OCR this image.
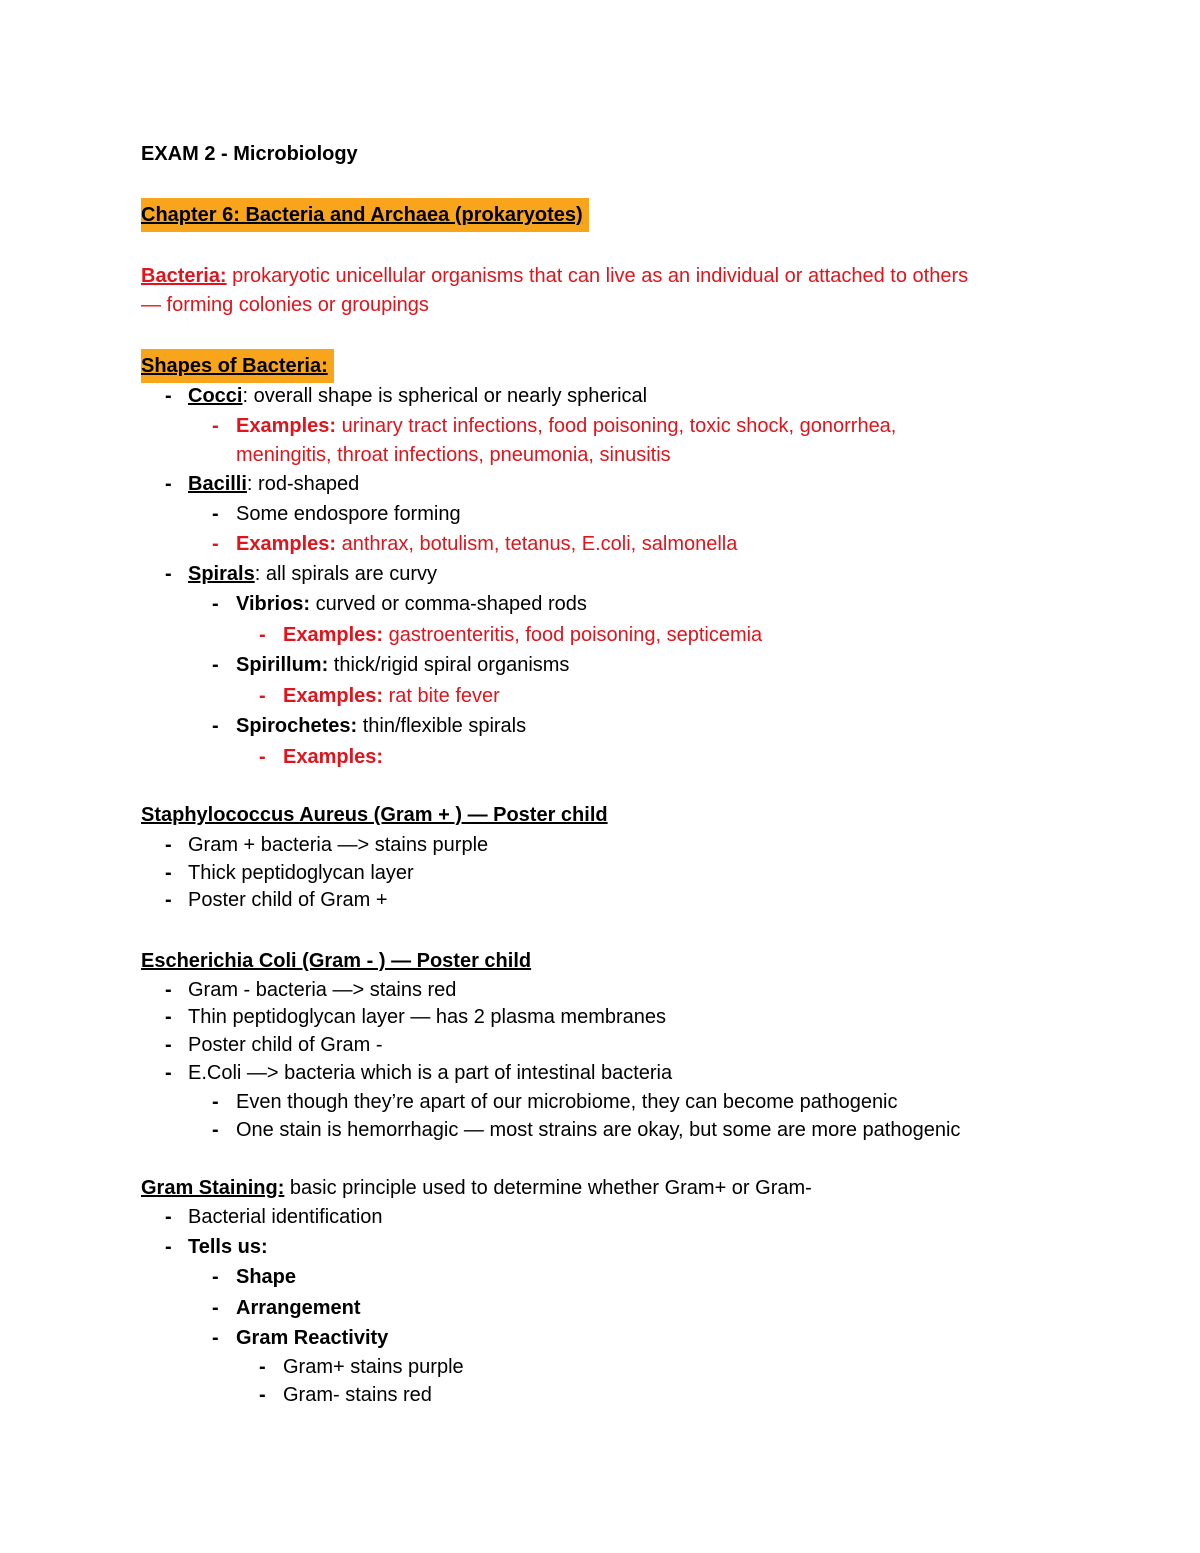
EXAM 2 - Microbiology
Chapter 6: Bacteria and Archaea (prokaryotes)
Bacteria: prokaryotic unicellular organisms that can live as an individual or attached to others
— forming colonies or groupings
Shapes of Bacteria:
- Cocci: overall shape is spherical or nearly spherical
- Examples: urinary tract infections, food poisoning, toxic shock, gonorrhea,
meningitis, throat infections, pneumonia, sinusitis
- Bacilli: rod-shaped
- Some endospore forming
- Examples: anthrax, botulism, tetanus, E.coli, salmonella
- Spirals: all spirals are curvy
- Vibrios: curved or comma-shaped rods
- Examples: gastroenteritis, food poisoning, septicemia
- Spirillum: thick/rigid spiral organisms
- Examples: rat bite fever
- Spirochetes: thin/flexible spirals
- Examples:
Staphylococcus Aureus (Gram + ) — Poster child
- Gram + bacteria —> stains purple
- Thick peptidoglycan layer
- Poster child of Gram +
Escherichia Coli (Gram - ) — Poster child
- Gram - bacteria —> stains red
- Thin peptidoglycan layer — has 2 plasma membranes
- Poster child of Gram -
- E.Coli —> bacteria which is a part of intestinal bacteria
- Even though they’re apart of our microbiome, they can become pathogenic
- One stain is hemorrhagic — most strains are okay, but some are more pathogenic
Gram Staining: basic principle used to determine whether Gram+ or Gram-
- Bacterial identification
- Tells us:
- Shape
- Arrangement
- Gram Reactivity
- Gram+ stains purple
- Gram- stains red
